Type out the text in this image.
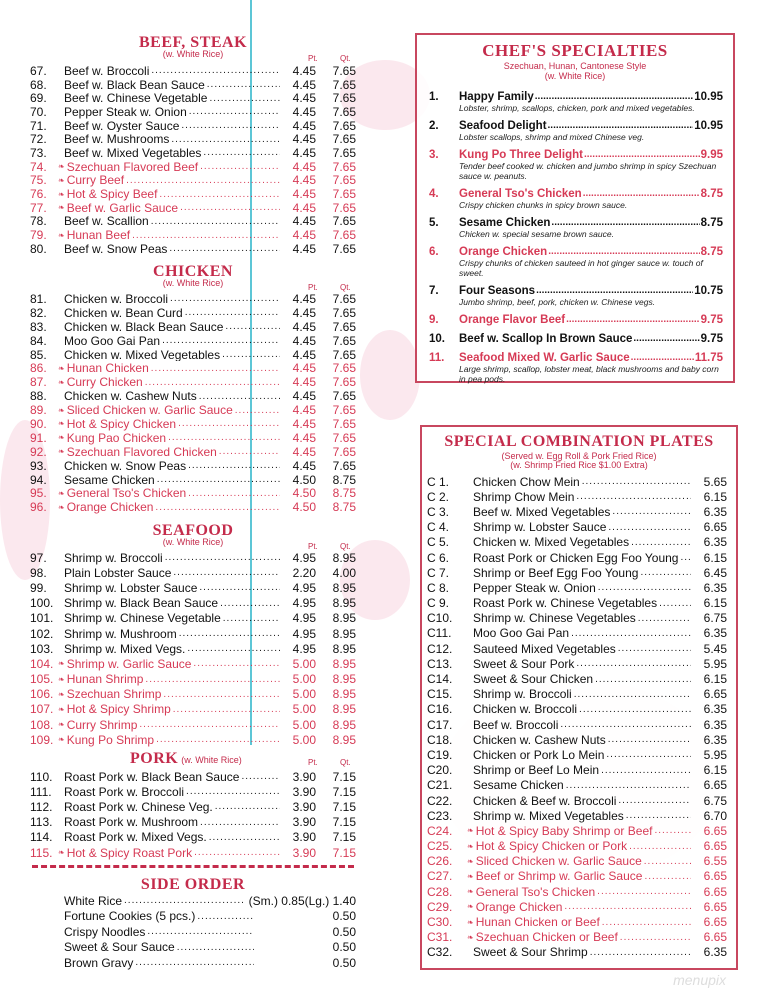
BEEF, STEAK
(w. White Rice)	Pt.	Qt.
67.	Beef w. Broccoli .....	4.45	7.65
68.	Beef w. Black Bean Sauce .....	4.45	7.65
69.	Beef w. Chinese Vegetable .....	4.45	7.65
70.	Pepper Steak w. Onion .....	4.45	7.65
71.	Beef w. Oyster Sauce .....	4.45	7.65
72.	Beef w. Mushrooms .....	4.45	7.65
73.	Beef w. Mixed Vegetables .....	4.45	7.65
74.	❧ Szechuan Flavored Beef .....	4.45	7.65
75.	❧ Curry Beef .....	4.45	7.65
76.	❧ Hot & Spicy Beef .....	4.45	7.65
77.	❧ Beef w. Garlic Sauce .....	4.45	7.65
78.	Beef w. Scallion .....	4.45	7.65
79.	❧ Hunan Beef .....	4.45	7.65
80.	Beef w. Snow Peas .....	4.45	7.65
CHICKEN
(w. White Rice)	Pt.	Qt.
81.	Chicken w. Broccoli .....	4.45	7.65
82.	Chicken w. Bean Curd .....	4.45	7.65
83.	Chicken w. Black Bean Sauce .....	4.45	7.65
84.	Moo Goo Gai Pan .....	4.45	7.65
85.	Chicken w. Mixed Vegetables .....	4.45	7.65
86.	❧ Hunan Chicken .....	4.45	7.65
87.	❧ Curry Chicken .....	4.45	7.65
88.	Chicken w. Cashew Nuts .....	4.45	7.65
89.	❧ Sliced Chicken w. Garlic Sauce .....	4.45	7.65
90.	❧ Hot & Spicy Chicken .....	4.45	7.65
91.	❧ Kung Pao Chicken .....	4.45	7.65
92.	❧ Szechuan Flavored Chicken .....	4.45	7.65
93.	Chicken w. Snow Peas .....	4.45	7.65
94.	Sesame Chicken .....	4.50	8.75
95.	❧ General Tso's Chicken .....	4.50	8.75
96.	❧ Orange Chicken .....	4.50	8.75
SEAFOOD
(w. White Rice)	Pt.	Qt.
97.	Shrimp w. Broccoli .....	4.95	8.95
98.	Plain Lobster Sauce .....	2.20	4.00
99.	Shrimp w. Lobster Sauce .....	4.95	8.95
100. Shrimp w. Black Bean Sauce .....	4.95	8.95
101. Shrimp w. Chinese Vegetable .....	4.95	8.95
102. Shrimp w. Mushroom .....	4.95	8.95
103. Shrimp w. Mixed Vegs. .....	4.95	8.95
104. ❧ Shrimp w. Garlic Sauce .....	5.00	8.95
105. ❧ Hunan Shrimp .....	5.00	8.95
106. ❧ Szechuan Shrimp .....	5.00	8.95
107. ❧ Hot & Spicy Shrimp .....	5.00	8.95
108. ❧ Curry Shrimp .....	5.00	8.95
109. ❧ Kung Po Shrimp .....	5.00	8.95
PORK (w. White Rice)	Pt.	Qt.
110. Roast Pork w. Black Bean Sauce .....	3.90	7.15
111.	Roast Pork w. Broccoli .....	3.90	7.15
112. Roast Pork w. Chinese Veg. .....	3.90	7.15
113. Roast Pork w. Mushroom .....	3.90	7.15
114. Roast Pork w. Mixed Vegs. .....	3.90	7.15
115. ❧ Hot & Spicy Roast Pork .....	3.90	7.15
SIDE ORDER
White Rice .....	(Sm.) 0.85 (Lg.) 1.40
Fortune Cookies (5 pcs.) .....	0.50
Crispy Noodles .....	0.50
Sweet & Sour Sauce .....	0.50
Brown Gravy .....	0.50
CHEF'S SPECIALTIES
Szechuan, Hunan, Cantonese Style
(w. White Rice)
1.	Happy Family .....	10.95
Lobster, shrimp, scallops, chicken, pork and mixed vegetables.
2.	Seafood Delight .....	10.95
Lobster scallops, shrimp and mixed Chinese veg.
3.	Kung Po Three Delight .....	9.95
Tender beef cooked w. chicken and jumbo shrimp in spicy Szechuan sauce w. peanuts.
4.	General Tso's Chicken .....	8.75
Crispy chicken chunks in spicy brown sauce.
5.	Sesame Chicken .....	8.75
Chicken w. special sesame brown sauce.
6.	Orange Chicken .....	8.75
Crispy chunks of chicken sauteed in hot ginger sauce w. touch of sweet.
7.	Four Seasons .....	10.75
Jumbo shrimp, beef, pork, chicken w. Chinese vegs.
9.	Orange Flavor Beef .....	9.75
10.	Beef w. Scallop In Brown Sauce .....	9.75
11.	Seafood Mixed W. Garlic Sauce .....	11.75
Large shrimp, scallop, lobster meat, black mushrooms and baby corn in pea pods.
SPECIAL COMBINATION PLATES
(Served w. Egg Roll & Pork Fried Rice)
(w. Shrimp Fried Rice $1.00 Extra)
C 1.	Chicken Chow Mein .....	5.65
C 2.	Shrimp Chow Mein .....	6.15
C 3.	Beef w. Mixed Vegetables .....	6.35
C 4.	Shrimp w. Lobster Sauce .....	6.65
C 5.	Chicken w. Mixed Vegetables .....	6.35
C 6.	Roast Pork or Chicken Egg Foo Young .....	6.15
C 7.	Shrimp or Beef Egg Foo Young .....	6.45
C 8.	Pepper Steak w. Onion .....	6.35
C 9.	Roast Pork w. Chinese Vegetables .....	6.15
C10.	Shrimp w. Chinese Vegetables .....	6.75
C11.	Moo Goo Gai Pan .....	6.35
C12.	Sauteed Mixed Vegetables .....	5.45
C13.	Sweet & Sour Pork .....	5.95
C14.	Sweet & Sour Chicken .....	6.15
C15.	Shrimp w. Broccoli .....	6.65
C16.	Chicken w. Broccoli .....	6.35
C17.	Beef w. Broccoli .....	6.35
C18.	Chicken w. Cashew Nuts .....	6.35
C19.	Chicken or Pork Lo Mein .....	5.95
C20.	Shrimp or Beef Lo Mein .....	6.15
C21.	Sesame Chicken .....	6.65
C22.	Chicken & Beef w. Broccoli .....	6.75
C23.	Shrimp w. Mixed Vegetables .....	6.70
C24.	❧ Hot & Spicy Baby Shrimp or Beef .....	6.65
C25.	❧ Hot & Spicy Chicken or Pork .....	6.65
C26.	❧ Sliced Chicken w. Garlic Sauce .....	6.55
C27.	❧ Beef or Shrimp w. Garlic Sauce .....	6.65
C28.	❧ General Tso's Chicken .....	6.65
C29.	❧ Orange Chicken .....	6.65
C30.	❧ Hunan Chicken or Beef .....	6.65
C31.	❧ Szechuan Chicken or Beef .....	6.65
C32.	Sweet & Sour Shrimp .....	6.35
menupix
